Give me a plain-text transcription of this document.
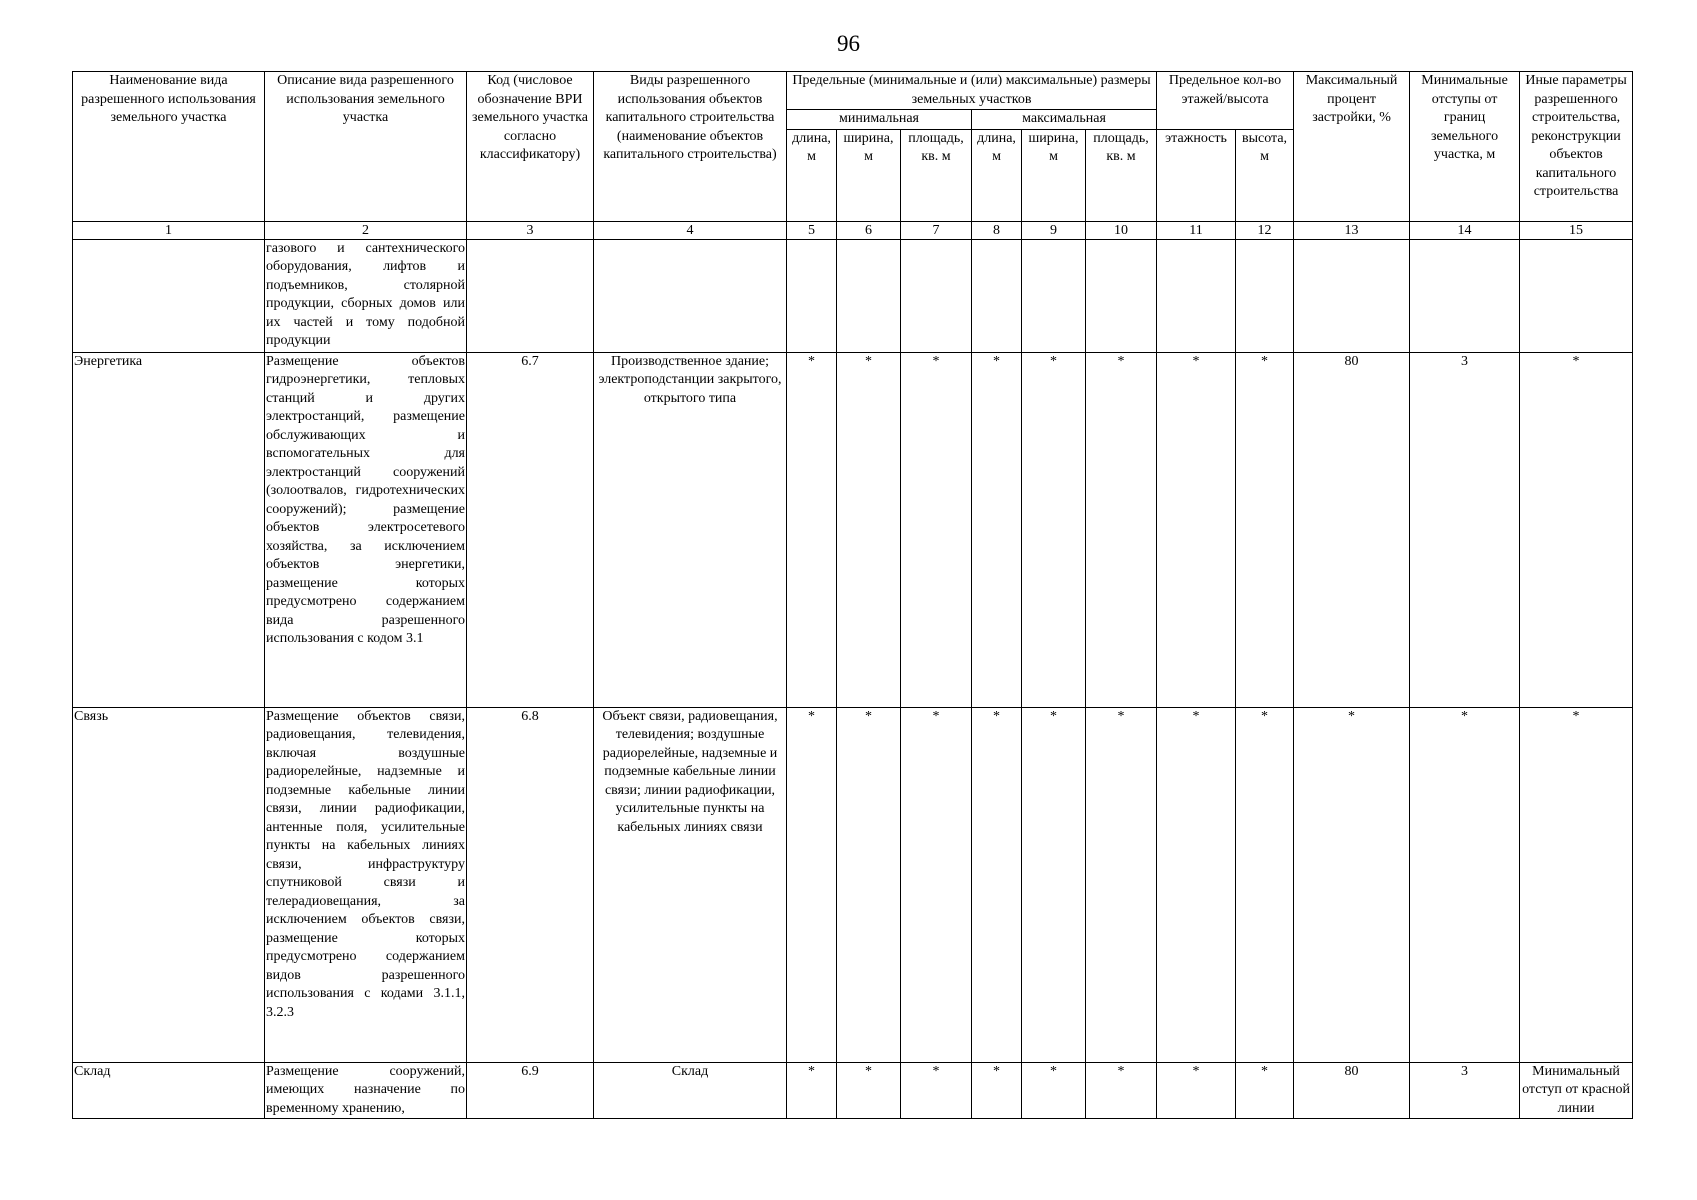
96
Наименование вида разрешенного использования земельного участка	Описание вида разрешенного использования земельного участка	Код (числовое обозначение ВРИ земельного участка согласно классификатору)	Виды разрешенного использования объектов капитального строительства (наименование объектов капитального строительства)	Предельные (минимальные и (или) максимальные) размеры земельных участков						Предельное кол-во этажей/высота		Максимальный процент застройки, %	Минимальные отступы от границ земельного участка, м	Иные параметры разрешенного строительства, реконструкции объектов капитального строительства
				минимальная			максимальная							
				длина, м	ширина, м	площадь, кв. м	длина, м	ширина, м	площадь, кв. м	этажность	высота, м			
1	2	3	4	5	6	7	8	9	10	11	12	13	14	15
	газового и сантехнического оборудования, лифтов и подъемников, столярной продукции, сборных домов или их частей и тому подобной продукции													
Энергетика	Размещение объектов гидроэнергетики, тепловых станций и других электростанций, размещение обслуживающих и вспомогательных для электростанций сооружений (золоотвалов, гидротехнических сооружений); размещение объектов электросетевого хозяйства, за исключением объектов энергетики, размещение которых предусмотрено содержанием вида разрешенного использования с кодом 3.1	6.7	Производственное здание; электроподстанции закрытого, открытого типа	*	*	*	*	*	*	*	*	80	3	*
Связь	Размещение объектов связи, радиовещания, телевидения, включая воздушные радиорелейные, надземные и подземные кабельные линии связи, линии радиофикации, антенные поля, усилительные пункты на кабельных линиях связи, инфраструктуру спутниковой связи и телерадиовещания, за исключением объектов связи, размещение которых предусмотрено содержанием видов разрешенного использования с кодами 3.1.1, 3.2.3	6.8	Объект связи, радиовещания, телевидения; воздушные радиорелейные, надземные и подземные кабельные линии связи; линии радиофикации, усилительные пункты на кабельных линиях связи	*	*	*	*	*	*	*	*	*	*	*
Склад	Размещение сооружений, имеющих назначение по временному хранению,	6.9	Склад	*	*	*	*	*	*	*	*	80	3	Минимальный отступ от красной линии
